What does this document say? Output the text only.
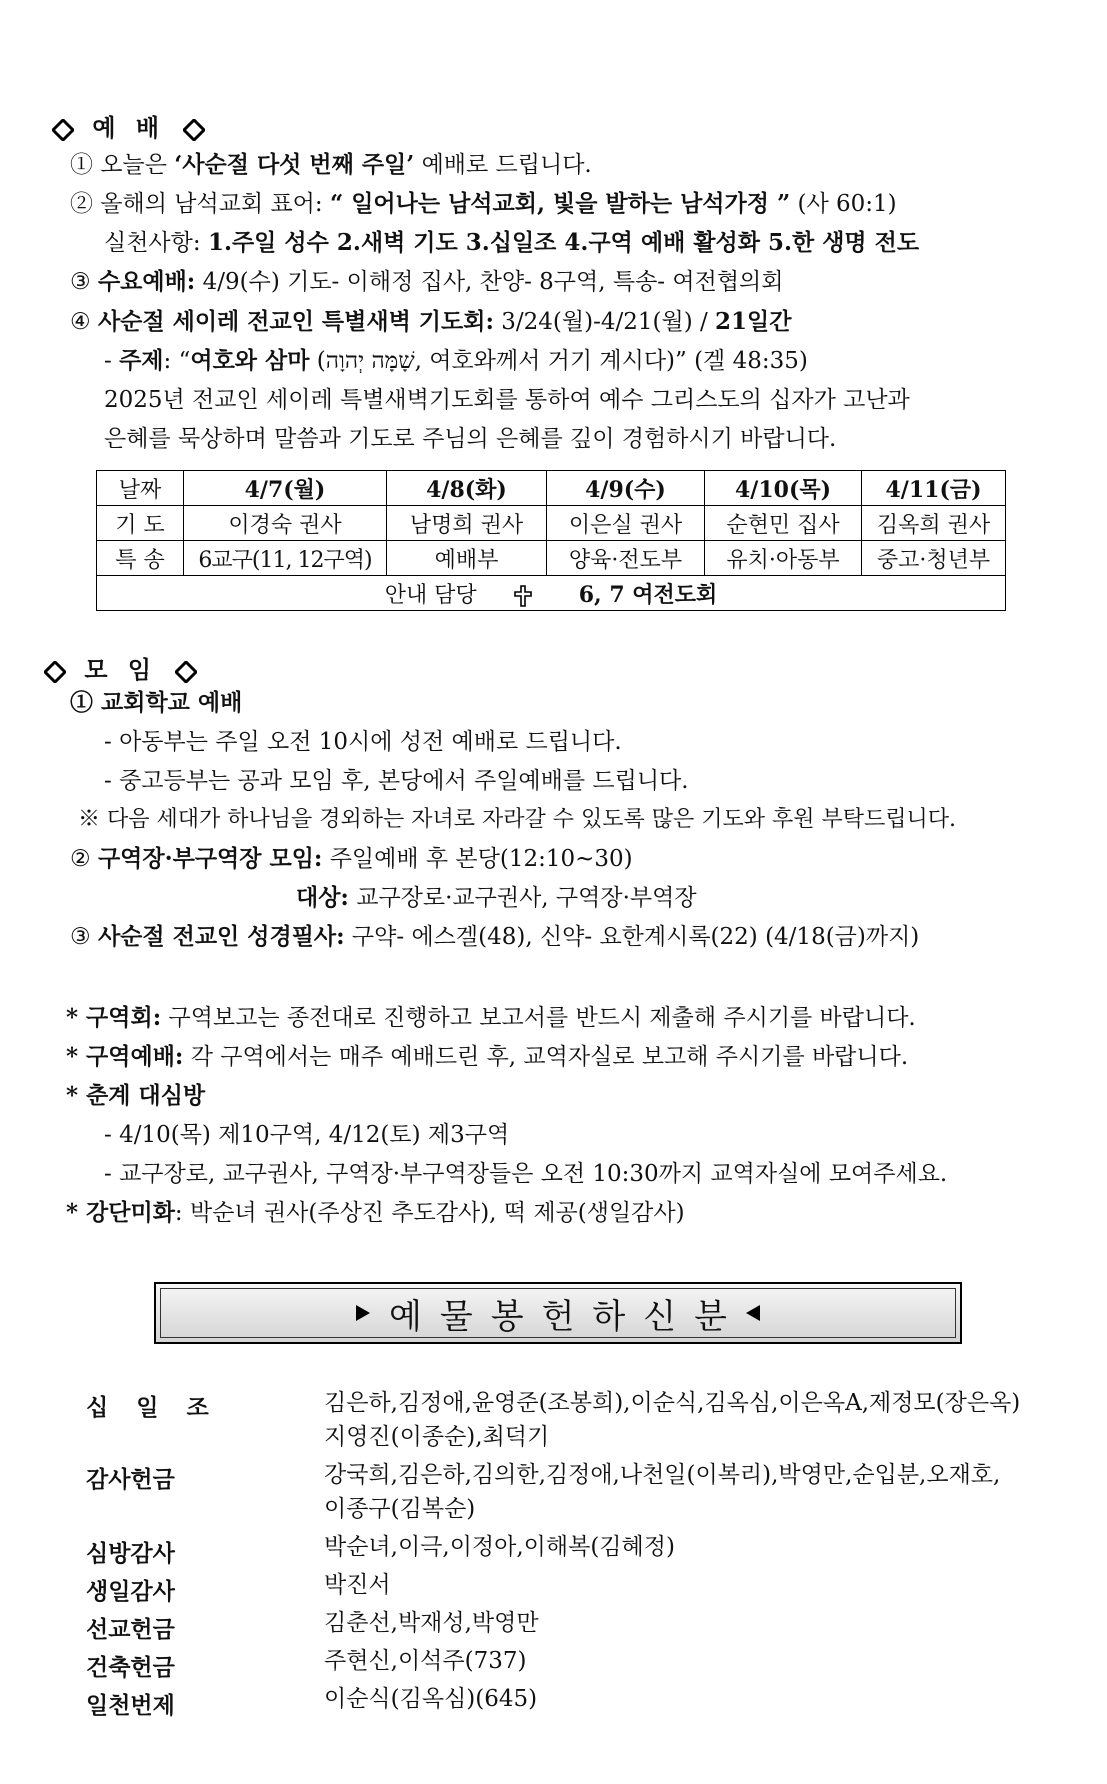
예 배
① 오늘은 ‘사순절 다섯 번째 주일’ 예배로 드립니다.
② 올해의 남석교회 표어: “ 일어나는 남석교회, 빛을 발하는 남석가정 ” (사 60:1)
실천사항: 1.주일 성수 2.새벽 기도 3.십일조 4.구역 예배 활성화 5.한 생명 전도
③ 수요예배: 4/9(수) 기도- 이해정 집사, 찬양- 8구역, 특송- 여전협의회
④ 사순절 세이레 전교인 특별새벽 기도회: 3/24(월)-4/21(월) / 21일간
- 주제: “여호와 삼마 (שָׁמָּה יְהוָה, 여호와께서 거기 계시다)” (겔 48:35)
2025년 전교인 세이레 특별새벽기도회를 통하여 예수 그리스도의 십자가 고난과
은혜를 묵상하며 말씀과 기도로 주님의 은혜를 깊이 경험하시기 바랍니다.
날짜	4/7(월)	4/8(화)	4/9(수)	4/10(목)	4/11(금)
기 도	이경숙 권사	남명희 권사	이은실 권사	순현민 집사	김옥희 권사
특 송	6교구(11, 12구역)	예배부	양육·전도부	유치·아동부	중고·청년부
안내 담당 6, 7 여전도회					
모 임
① 교회학교 예배
- 아동부는 주일 오전 10시에 성전 예배로 드립니다.
- 중고등부는 공과 모임 후, 본당에서 주일예배를 드립니다.
※ 다음 세대가 하나님을 경외하는 자녀로 자라갈 수 있도록 많은 기도와 후원 부탁드립니다.
② 구역장·부구역장 모임: 주일예배 후 본당(12:10~30)
대상: 교구장로·교구권사, 구역장·부역장
③ 사순절 전교인 성경필사: 구약- 에스겔(48), 신약- 요한계시록(22) (4/18(금)까지)
* 구역회: 구역보고는 종전대로 진행하고 보고서를 반드시 제출해 주시기를 바랍니다.
* 구역예배: 각 구역에서는 매주 예배드린 후, 교역자실로 보고해 주시기를 바랍니다.
* 춘계 대심방
- 4/10(목) 제10구역, 4/12(토) 제3구역
- 교구장로, 교구권사, 구역장·부구역장들은 오전 10:30까지 교역자실에 모여주세요.
* 강단미화: 박순녀 권사(주상진 추도감사), 떡 제공(생일감사)
예물봉헌하신분
십 일 조	김은하,김정애,윤영준(조봉희),이순식,김옥심,이은옥A,제정모(장은옥)
지영진(이종순),최덕기
감사헌금	강국희,김은하,김의한,김정애,나천일(이복리),박영만,순입분,오재호,
이종구(김복순)
심방감사	박순녀,이극,이정아,이해복(김혜정)
생일감사	박진서
선교헌금	김춘선,박재성,박영만
건축헌금	주현신,이석주(737)
일천번제	이순식(김옥심)(645)
